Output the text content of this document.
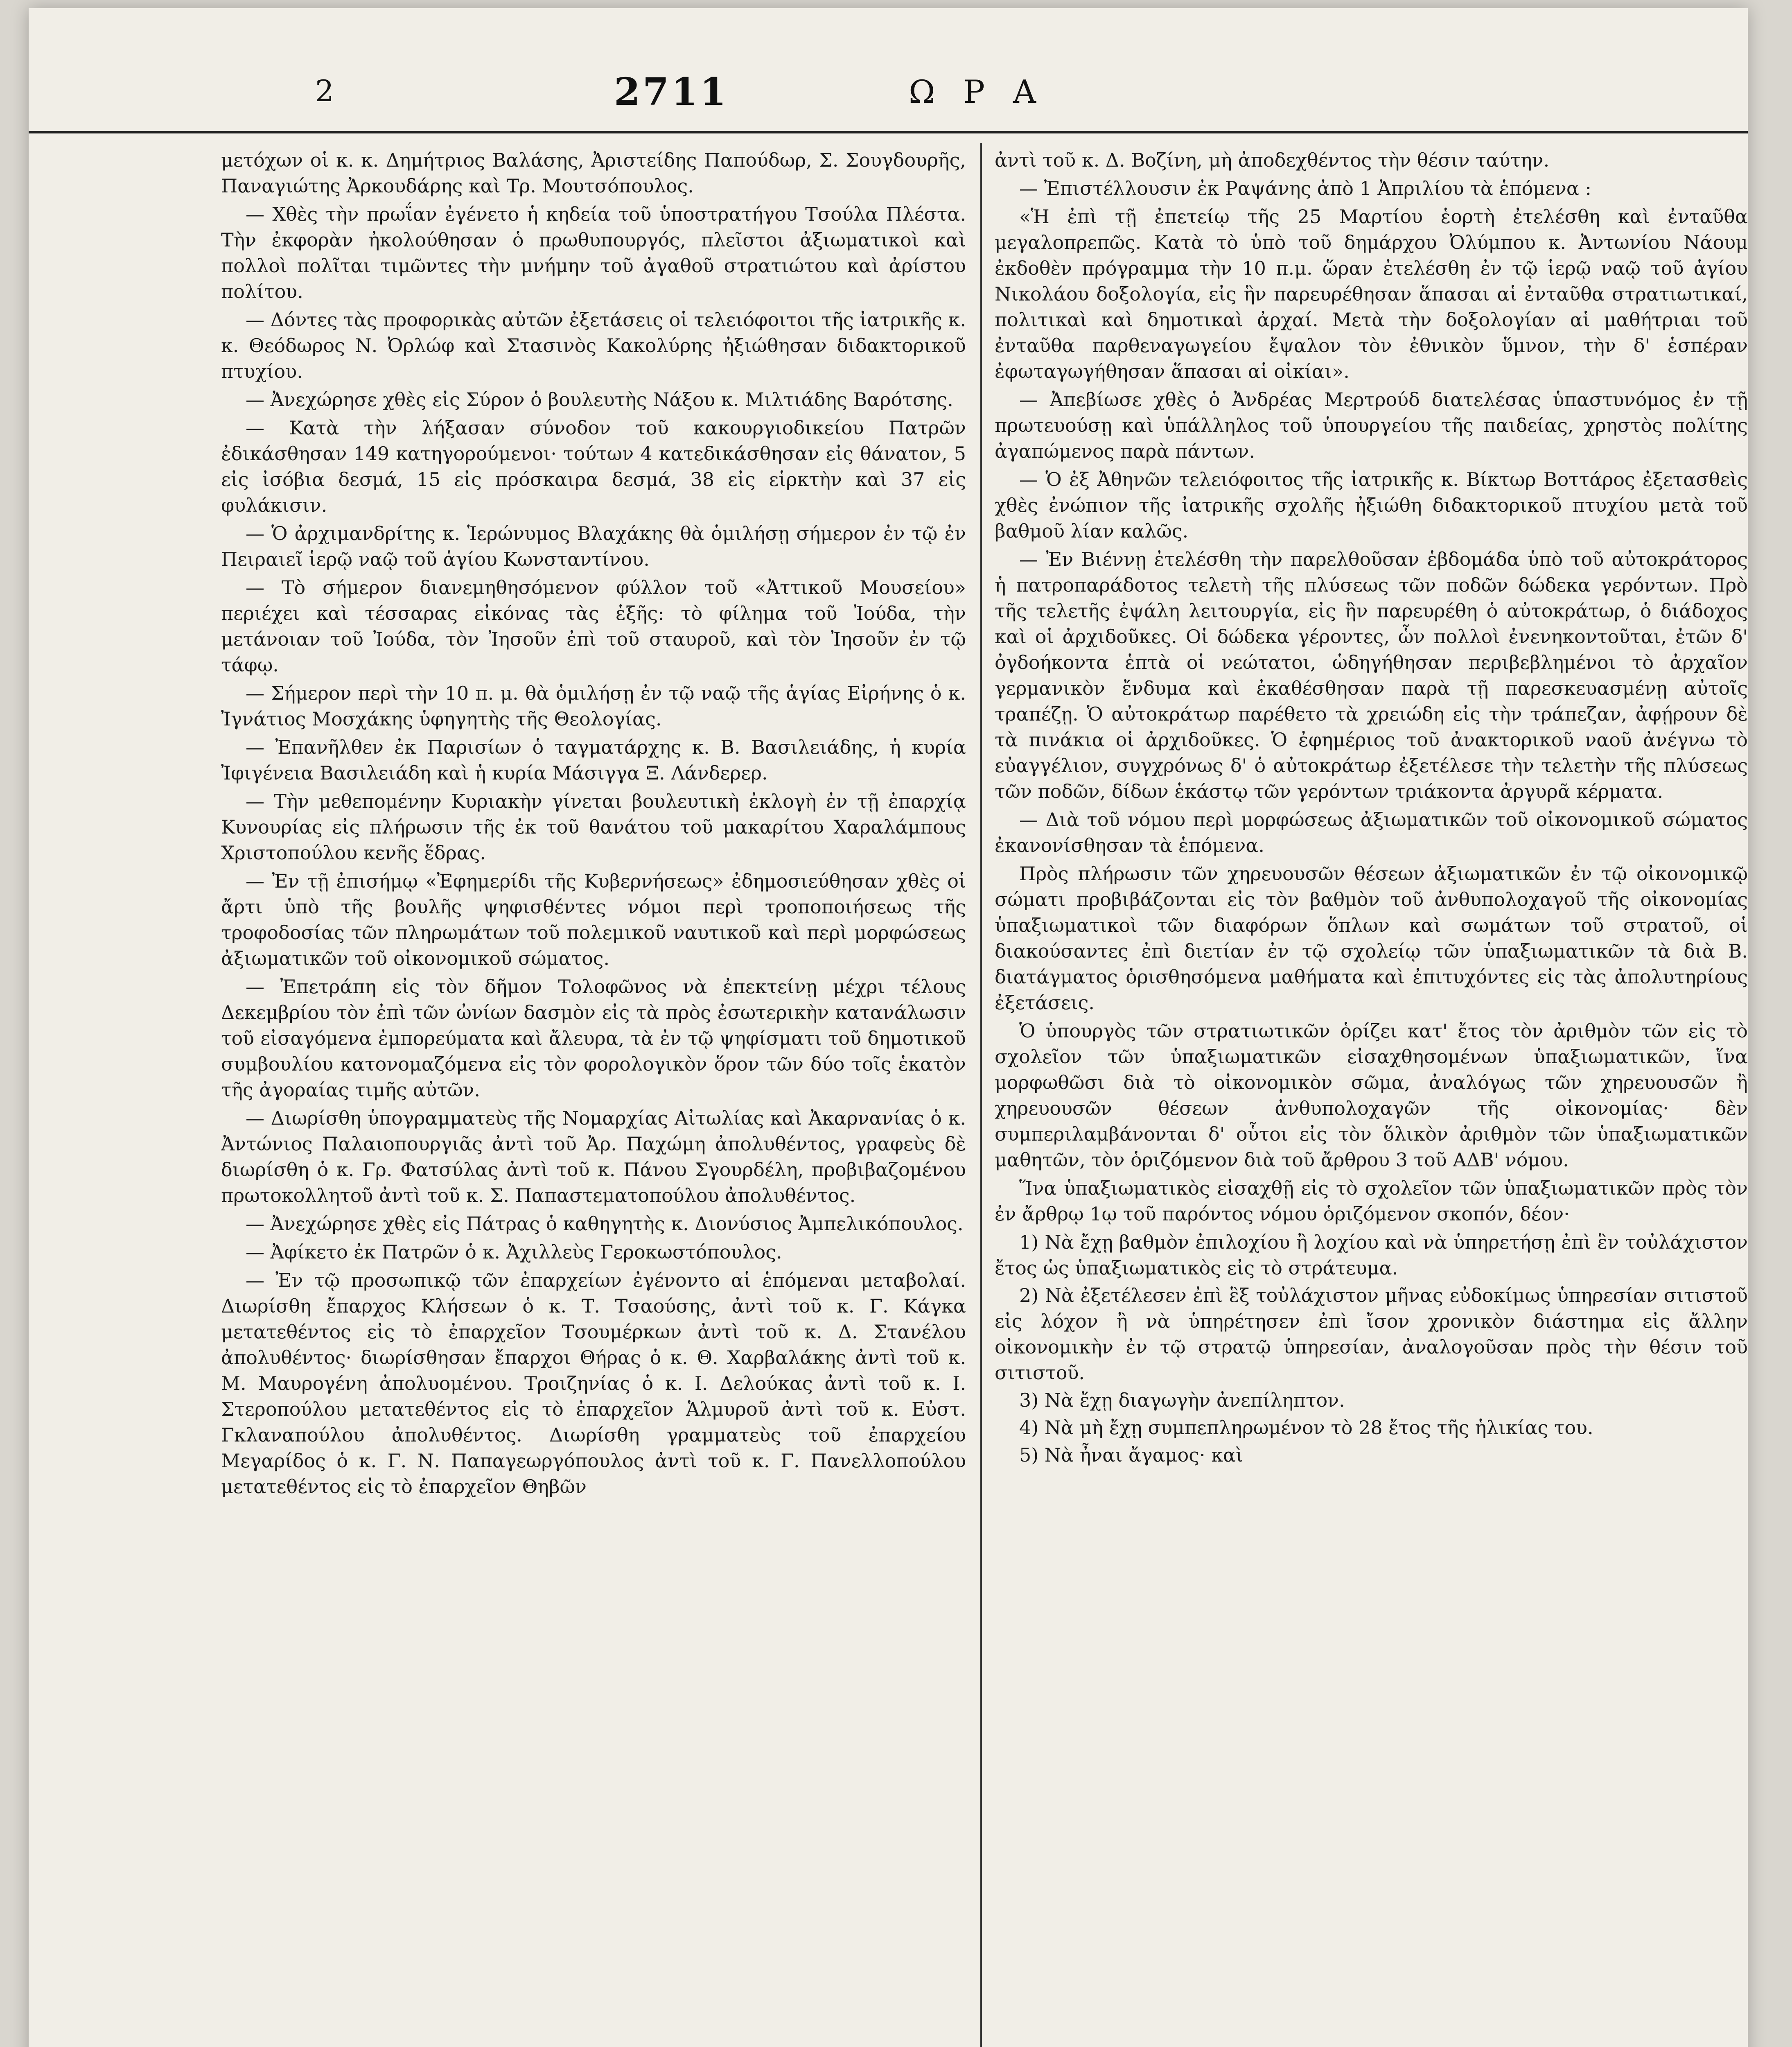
2	2711	Ω Ρ Α

μετόχων οἱ κ. κ. Δημήτριος Βαλάσης, Ἀριστείδης Παπούδωρ, Σ. Σουγδουρῆς, Παναγιώτης Ἀρκουδάρης καὶ Τρ. Μουτσόπουλος.

— Χθὲς τὴν πρωΐαν ἐγένετο ἡ κηδεία τοῦ ὑποστρατήγου Τσούλα Πλέστα. Τὴν ἐκφορὰν ἠκολούθησαν ὁ πρωθυπουργός, πλεῖστοι ἀξιωματικοὶ καὶ πολλοὶ πολῖται τιμῶντες τὴν μνήμην τοῦ ἀγαθοῦ στρατιώτου καὶ ἀρίστου πολίτου.

— Δόντες τὰς προφορικὰς αὐτῶν ἐξετάσεις οἱ τελειόφοιτοι τῆς ἰατρικῆς κ. κ. Θεόδωρος Ν. Ὀρλώφ καὶ Στασινὸς Κακολύρης ἠξιώθησαν διδακτορικοῦ πτυχίου.

— Ἀνεχώρησε χθὲς εἰς Σύρον ὁ βουλευτὴς Νάξου κ. Μιλτιάδης Βαρότσης.

— Κατὰ τὴν λήξασαν σύνοδον τοῦ κακουργιοδικείου Πατρῶν ἐδικάσθησαν 149 κατηγορούμενοι· τούτων 4 κατεδικάσθησαν εἰς θάνατον, 5 εἰς ἰσόβια δεσμά, 15 εἰς πρόσκαιρα δεσμά, 38 εἰς εἱρκτὴν καὶ 37 εἰς φυλάκισιν.

— Ὁ ἀρχιμανδρίτης κ. Ἱερώνυμος Βλαχάκης θὰ ὁμιλήσῃ σήμερον ἐν τῷ ἐν Πειραιεῖ ἱερῷ ναῷ τοῦ ἁγίου Κωνσταντίνου.

— Τὸ σήμερον διανεμηθησόμενον φύλλον τοῦ «Ἀττικοῦ Μουσείου» περιέχει καὶ τέσσαρας εἰκόνας τὰς ἑξῆς: τὸ φίλημα τοῦ Ἰούδα, τὴν μετάνοιαν τοῦ Ἰούδα, τὸν Ἰησοῦν ἐπὶ τοῦ σταυροῦ, καὶ τὸν Ἰησοῦν ἐν τῷ τάφῳ.

— Σήμερον περὶ τὴν 10 π. μ. θὰ ὁμιλήσῃ ἐν τῷ ναῷ τῆς ἁγίας Εἰρήνης ὁ κ. Ἰγνάτιος Μοσχάκης ὑφηγητὴς τῆς Θεολογίας.

— Ἐπανῆλθεν ἐκ Παρισίων ὁ ταγματάρχης κ. Β. Βασιλειάδης, ἡ κυρία Ἰφιγένεια Βασιλειάδη καὶ ἡ κυρία Μάσιγγα Ξ. Λάνδερερ.

— Τὴν μεθεπομένην Κυριακὴν γίνεται βουλευτικὴ ἐκλογὴ ἐν τῇ ἐπαρχίᾳ Κυνουρίας εἰς πλήρωσιν τῆς ἐκ τοῦ θανάτου τοῦ μακαρίτου Χαραλάμπους Χριστοπούλου κενῆς ἕδρας.

— Ἐν τῇ ἐπισήμῳ «Ἐφημερίδι τῆς Κυβερνήσεως» ἐδημοσιεύθησαν χθὲς οἱ ἄρτι ὑπὸ τῆς βουλῆς ψηφισθέντες νόμοι περὶ τροποποιήσεως τῆς τροφοδοσίας τῶν πληρωμάτων τοῦ πολεμικοῦ ναυτικοῦ καὶ περὶ μορφώσεως ἀξιωματικῶν τοῦ οἰκονομικοῦ σώματος.

— Ἐπετράπη εἰς τὸν δῆμον Τολοφῶνος νὰ ἐπεκτείνῃ μέχρι τέλους Δεκεμβρίου τὸν ἐπὶ τῶν ὠνίων δασμὸν εἰς τὰ πρὸς ἐσωτερικὴν κατανάλωσιν τοῦ εἰσαγόμενα ἐμπορεύματα καὶ ἄλευρα, τὰ ἐν τῷ ψηφίσματι τοῦ δημοτικοῦ συμβουλίου κατονομαζόμενα εἰς τὸν φορολογικὸν ὅρον τῶν δύο τοῖς ἑκατὸν τῆς ἀγοραίας τιμῆς αὐτῶν.

— Διωρίσθη ὑπογραμματεὺς τῆς Νομαρχίας Αἰτωλίας καὶ Ἀκαρνανίας ὁ κ. Ἀντώνιος Παλαιοπουργιᾶς ἀντὶ τοῦ Ἀρ. Παχώμη ἀπολυθέντος, γραφεὺς δὲ διωρίσθη ὁ κ. Γρ. Φατσύλας ἀντὶ τοῦ κ. Πάνου Σγουρδέλη, προβιβαζομένου πρωτοκολλητοῦ ἀντὶ τοῦ κ. Σ. Παπαστεματοπούλου ἀπολυθέντος.

— Ἀνεχώρησε χθὲς εἰς Πάτρας ὁ καθηγητὴς κ. Διονύσιος Ἀμπελικόπουλος.

— Ἀφίκετο ἐκ Πατρῶν ὁ κ. Ἀχιλλεὺς Γεροκωστόπουλος.

— Ἐν τῷ προσωπικῷ τῶν ἐπαρχείων ἐγένοντο αἱ ἑπόμεναι μεταβολαί. Διωρίσθη ἔπαρχος Κλήσεων ὁ κ. Τ. Τσαούσης, ἀντὶ τοῦ κ. Γ. Κάγκα μετατεθέντος εἰς τὸ ἐπαρχεῖον Τσουμέρκων ἀντὶ τοῦ κ. Δ. Στανέλου ἀπολυθέντος· διωρίσθησαν ἔπαρχοι Θήρας ὁ κ. Θ. Χαρβαλάκης ἀντὶ τοῦ κ. Μ. Μαυρογένη ἀπολυομένου. Τροιζηνίας ὁ κ. Ι. Δελούκας ἀντὶ τοῦ κ. Ι. Στεροπούλου μετατεθέντος εἰς τὸ ἐπαρχεῖον Ἁλμυροῦ ἀντὶ τοῦ κ. Εὐστ. Γκλαναπούλου ἀπολυθέντος. Διωρίσθη γραμματεὺς τοῦ ἐπαρχείου Μεγαρίδος ὁ κ. Γ. Ν. Παπαγεωργόπουλος ἀντὶ τοῦ κ. Γ. Πανελλοπούλου μετατεθέντος εἰς τὸ ἐπαρχεῖον Θηβῶν

ἀντὶ τοῦ κ. Δ. Βοζίνη, μὴ ἀποδεχθέντος τὴν θέσιν ταύτην.

— Ἐπιστέλλουσιν ἐκ Ραψάνης ἀπὸ 1 Ἀπριλίου τὰ ἑπόμενα :

«Ἡ ἐπὶ τῇ ἐπετείῳ τῆς 25 Μαρτίου ἑορτὴ ἐτελέσθη καὶ ἐνταῦθα μεγαλοπρεπῶς. Κατὰ τὸ ὑπὸ τοῦ δημάρχου Ὀλύμπου κ. Ἀντωνίου Νάουμ ἐκδοθὲν πρόγραμμα τὴν 10 π.μ. ὥραν ἐτελέσθη ἐν τῷ ἱερῷ ναῷ τοῦ ἁγίου Νικολάου δοξολογία, εἰς ἣν παρευρέθησαν ἅπασαι αἱ ἐνταῦθα στρατιωτικαί, πολιτικαὶ καὶ δημοτικαὶ ἀρχαί. Μετὰ τὴν δοξολογίαν αἱ μαθήτριαι τοῦ ἐνταῦθα παρθεναγωγείου ἔψαλον τὸν ἐθνικὸν ὕμνον, τὴν δ' ἑσπέραν ἐφωταγωγήθησαν ἅπασαι αἱ οἰκίαι».

— Ἀπεβίωσε χθὲς ὁ Ἀνδρέας Μερτρούδ διατελέσας ὑπαστυνόμος ἐν τῇ πρωτευούσῃ καὶ ὑπάλληλος τοῦ ὑπουργείου τῆς παιδείας, χρηστὸς πολίτης ἀγαπώμενος παρὰ πάντων.

— Ὁ ἐξ Ἀθηνῶν τελειόφοιτος τῆς ἰατρικῆς κ. Βίκτωρ Βοττάρος ἐξετασθεὶς χθὲς ἐνώπιον τῆς ἰατρικῆς σχολῆς ἠξιώθη διδακτορικοῦ πτυχίου μετὰ τοῦ βαθμοῦ λίαν καλῶς.

— Ἐν Βιέννῃ ἐτελέσθη τὴν παρελθοῦσαν ἑβδομάδα ὑπὸ τοῦ αὐτοκράτορος ἡ πατροπαράδοτος τελετὴ τῆς πλύσεως τῶν ποδῶν δώδεκα γερόντων. Πρὸ τῆς τελετῆς ἐψάλη λειτουργία, εἰς ἣν παρευρέθη ὁ αὐτοκράτωρ, ὁ διάδοχος καὶ οἱ ἀρχιδοῦκες. Οἱ δώδεκα γέροντες, ὧν πολλοὶ ἐνενηκοντοῦται, ἐτῶν δ' ὀγδοήκοντα ἑπτὰ οἱ νεώτατοι, ὡδηγήθησαν περιβεβλημένοι τὸ ἀρχαῖον γερμανικὸν ἔνδυμα καὶ ἐκαθέσθησαν παρὰ τῇ παρεσκευασμένῃ αὐτοῖς τραπέζῃ. Ὁ αὐτοκράτωρ παρέθετο τὰ χρειώδη εἰς τὴν τράπεζαν, ἀφῄρουν δὲ τὰ πινάκια οἱ ἀρχιδοῦκες. Ὁ ἐφημέριος τοῦ ἀνακτορικοῦ ναοῦ ἀνέγνω τὸ εὐαγγέλιον, συγχρόνως δ' ὁ αὐτοκράτωρ ἐξετέλεσε τὴν τελετὴν τῆς πλύσεως τῶν ποδῶν, δίδων ἑκάστῳ τῶν γερόντων τριάκοντα ἀργυρᾶ κέρματα.

— Διὰ τοῦ νόμου περὶ μορφώσεως ἀξιωματικῶν τοῦ οἰκονομικοῦ σώματος ἐκανονίσθησαν τὰ ἑπόμενα.

Πρὸς πλήρωσιν τῶν χηρευουσῶν θέσεων ἀξιωματικῶν ἐν τῷ οἰκονομικῷ σώματι προβιβάζονται εἰς τὸν βαθμὸν τοῦ ἀνθυπολοχαγοῦ τῆς οἰκονομίας ὑπαξιωματικοὶ τῶν διαφόρων ὅπλων καὶ σωμάτων τοῦ στρατοῦ, οἱ διακούσαντες ἐπὶ διετίαν ἐν τῷ σχολείῳ τῶν ὑπαξιωματικῶν τὰ διὰ Β. διατάγματος ὁρισθησόμενα μαθήματα καὶ ἐπιτυχόντες εἰς τὰς ἀπολυτηρίους ἐξετάσεις.

Ὁ ὑπουργὸς τῶν στρατιωτικῶν ὁρίζει κατ' ἔτος τὸν ἀριθμὸν τῶν εἰς τὸ σχολεῖον τῶν ὑπαξιωματικῶν εἰσαχθησομένων ὑπαξιωματικῶν, ἵνα μορφωθῶσι διὰ τὸ οἰκονομικὸν σῶμα, ἀναλόγως τῶν χηρευουσῶν ἢ χηρευουσῶν θέσεων ἀνθυπολοχαγῶν τῆς οἰκονομίας· δὲν συμπεριλαμβάνονται δ' οὗτοι εἰς τὸν ὅλικὸν ἀριθμὸν τῶν ὑπαξιωματικῶν μαθητῶν, τὸν ὁριζόμενον διὰ τοῦ ἄρθρου 3 τοῦ ΑΔΒ' νόμου.

Ἵνα ὑπαξιωματικὸς εἰσαχθῇ εἰς τὸ σχολεῖον τῶν ὑπαξιωματικῶν πρὸς τὸν ἐν ἄρθρῳ 1ῳ τοῦ παρόντος νόμου ὁριζόμενον σκοπόν, δέον·

1) Νὰ ἔχῃ βαθμὸν ἐπιλοχίου ἢ λοχίου καὶ νὰ ὑπηρετήσῃ ἐπὶ ἓν τοὐλάχιστον ἔτος ὡς ὑπαξιωματικὸς εἰς τὸ στράτευμα.

2) Νὰ ἐξετέλεσεν ἐπὶ ἓξ τοὐλάχιστον μῆνας εὐδοκίμως ὑπηρεσίαν σιτιστοῦ εἰς λόχον ἢ νὰ ὑπηρέτησεν ἐπὶ ἴσον χρονικὸν διάστημα εἰς ἄλλην οἰκονομικὴν ἐν τῷ στρατῷ ὑπηρεσίαν, ἀναλογοῦσαν πρὸς τὴν θέσιν τοῦ σιτιστοῦ.

3) Νὰ ἔχῃ διαγωγὴν ἀνεπίληπτον.

4) Νὰ μὴ ἔχῃ συμπεπληρωμένον τὸ 28 ἔτος τῆς ἡλικίας του.

5) Νὰ ἦναι ἄγαμος· καὶ
